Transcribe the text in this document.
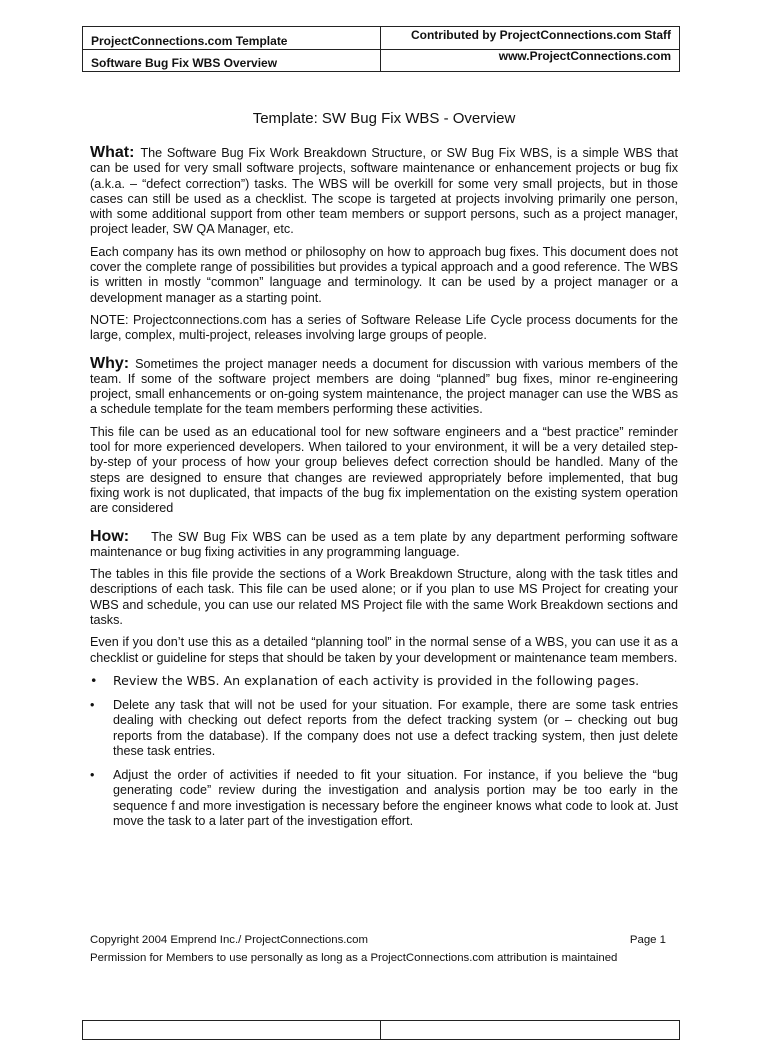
ProjectConnections.com Template
Software Bug Fix WBS Overview
Contributed by ProjectConnections.com Staff
www.ProjectConnections.com
Template: SW Bug Fix WBS - Overview

What: The Software Bug Fix Work Breakdown Structure, or SW Bug Fix WBS, is a simple WBS that can be used for very small software projects, software maintenance or enhancement projects or bug fix (a.k.a. – “defect correction”) tasks. The WBS will be overkill for some very small projects, but in those cases can still be used as a checklist. The scope is targeted at projects involving primarily one person, with some additional support from other team members or support persons, such as a project manager, project leader, SW QA Manager, etc.

Each company has its own method or philosophy on how to approach bug fixes. This document does not cover the complete range of possibilities but provides a typical approach and a good reference. The WBS is written in mostly “common” language and terminology. It can be used by a project manager or a development manager as a starting point.

NOTE: Projectconnections.com has a series of Software Release Life Cycle process documents for the large, complex, multi-project, releases involving large groups of people.

Why: Sometimes the project manager needs a document for discussion with various members of the team. If some of the software project members are doing “planned” bug fixes, minor re-engineering project, small enhancements or on-going system maintenance, the project manager can use the WBS as a schedule template for the team members performing these activities.

This file can be used as an educational tool for new software engineers and a “best practice” reminder tool for more experienced developers. When tailored to your environment, it will be a very detailed step-by-step of your process of how your group believes defect correction should be handled. Many of the steps are designed to ensure that changes are reviewed appropriately before implemented, that bug fixing work is not duplicated, that impacts of the bug fix implementation on the existing system operation are considered

How: The SW Bug Fix WBS can be used as a tem plate by any department performing software maintenance or bug fixing activities in any programming language.

The tables in this file provide the sections of a Work Breakdown Structure, along with the task titles and descriptions of each task. This file can be used alone; or if you plan to use MS Project for creating your WBS and schedule, you can use our related MS Project file with the same Work Breakdown sections and tasks.

Even if you don’t use this as a detailed “planning tool” in the normal sense of a WBS, you can use it as a checklist or guideline for steps that should be taken by your development or maintenance team members.

• Review the WBS. An explanation of each activity is provided in the following pages.
• Delete any task that will not be used for your situation. For example, there are some task entries dealing with checking out defect reports from the defect tracking system (or – checking out bug reports from the database). If the company does not use a defect tracking system, then just delete these task entries.
• Adjust the order of activities if needed to fit your situation. For instance, if you believe the “bug generating code” review during the investigation and analysis portion may be too early in the sequence f and more investigation is necessary before the engineer knows what code to look at. Just move the task to a later part of the investigation effort.
Copyright 2004 Emprend Inc./ ProjectConnections.com	Page 1
Permission for Members to use personally as long as a ProjectConnections.com attribution is maintained
